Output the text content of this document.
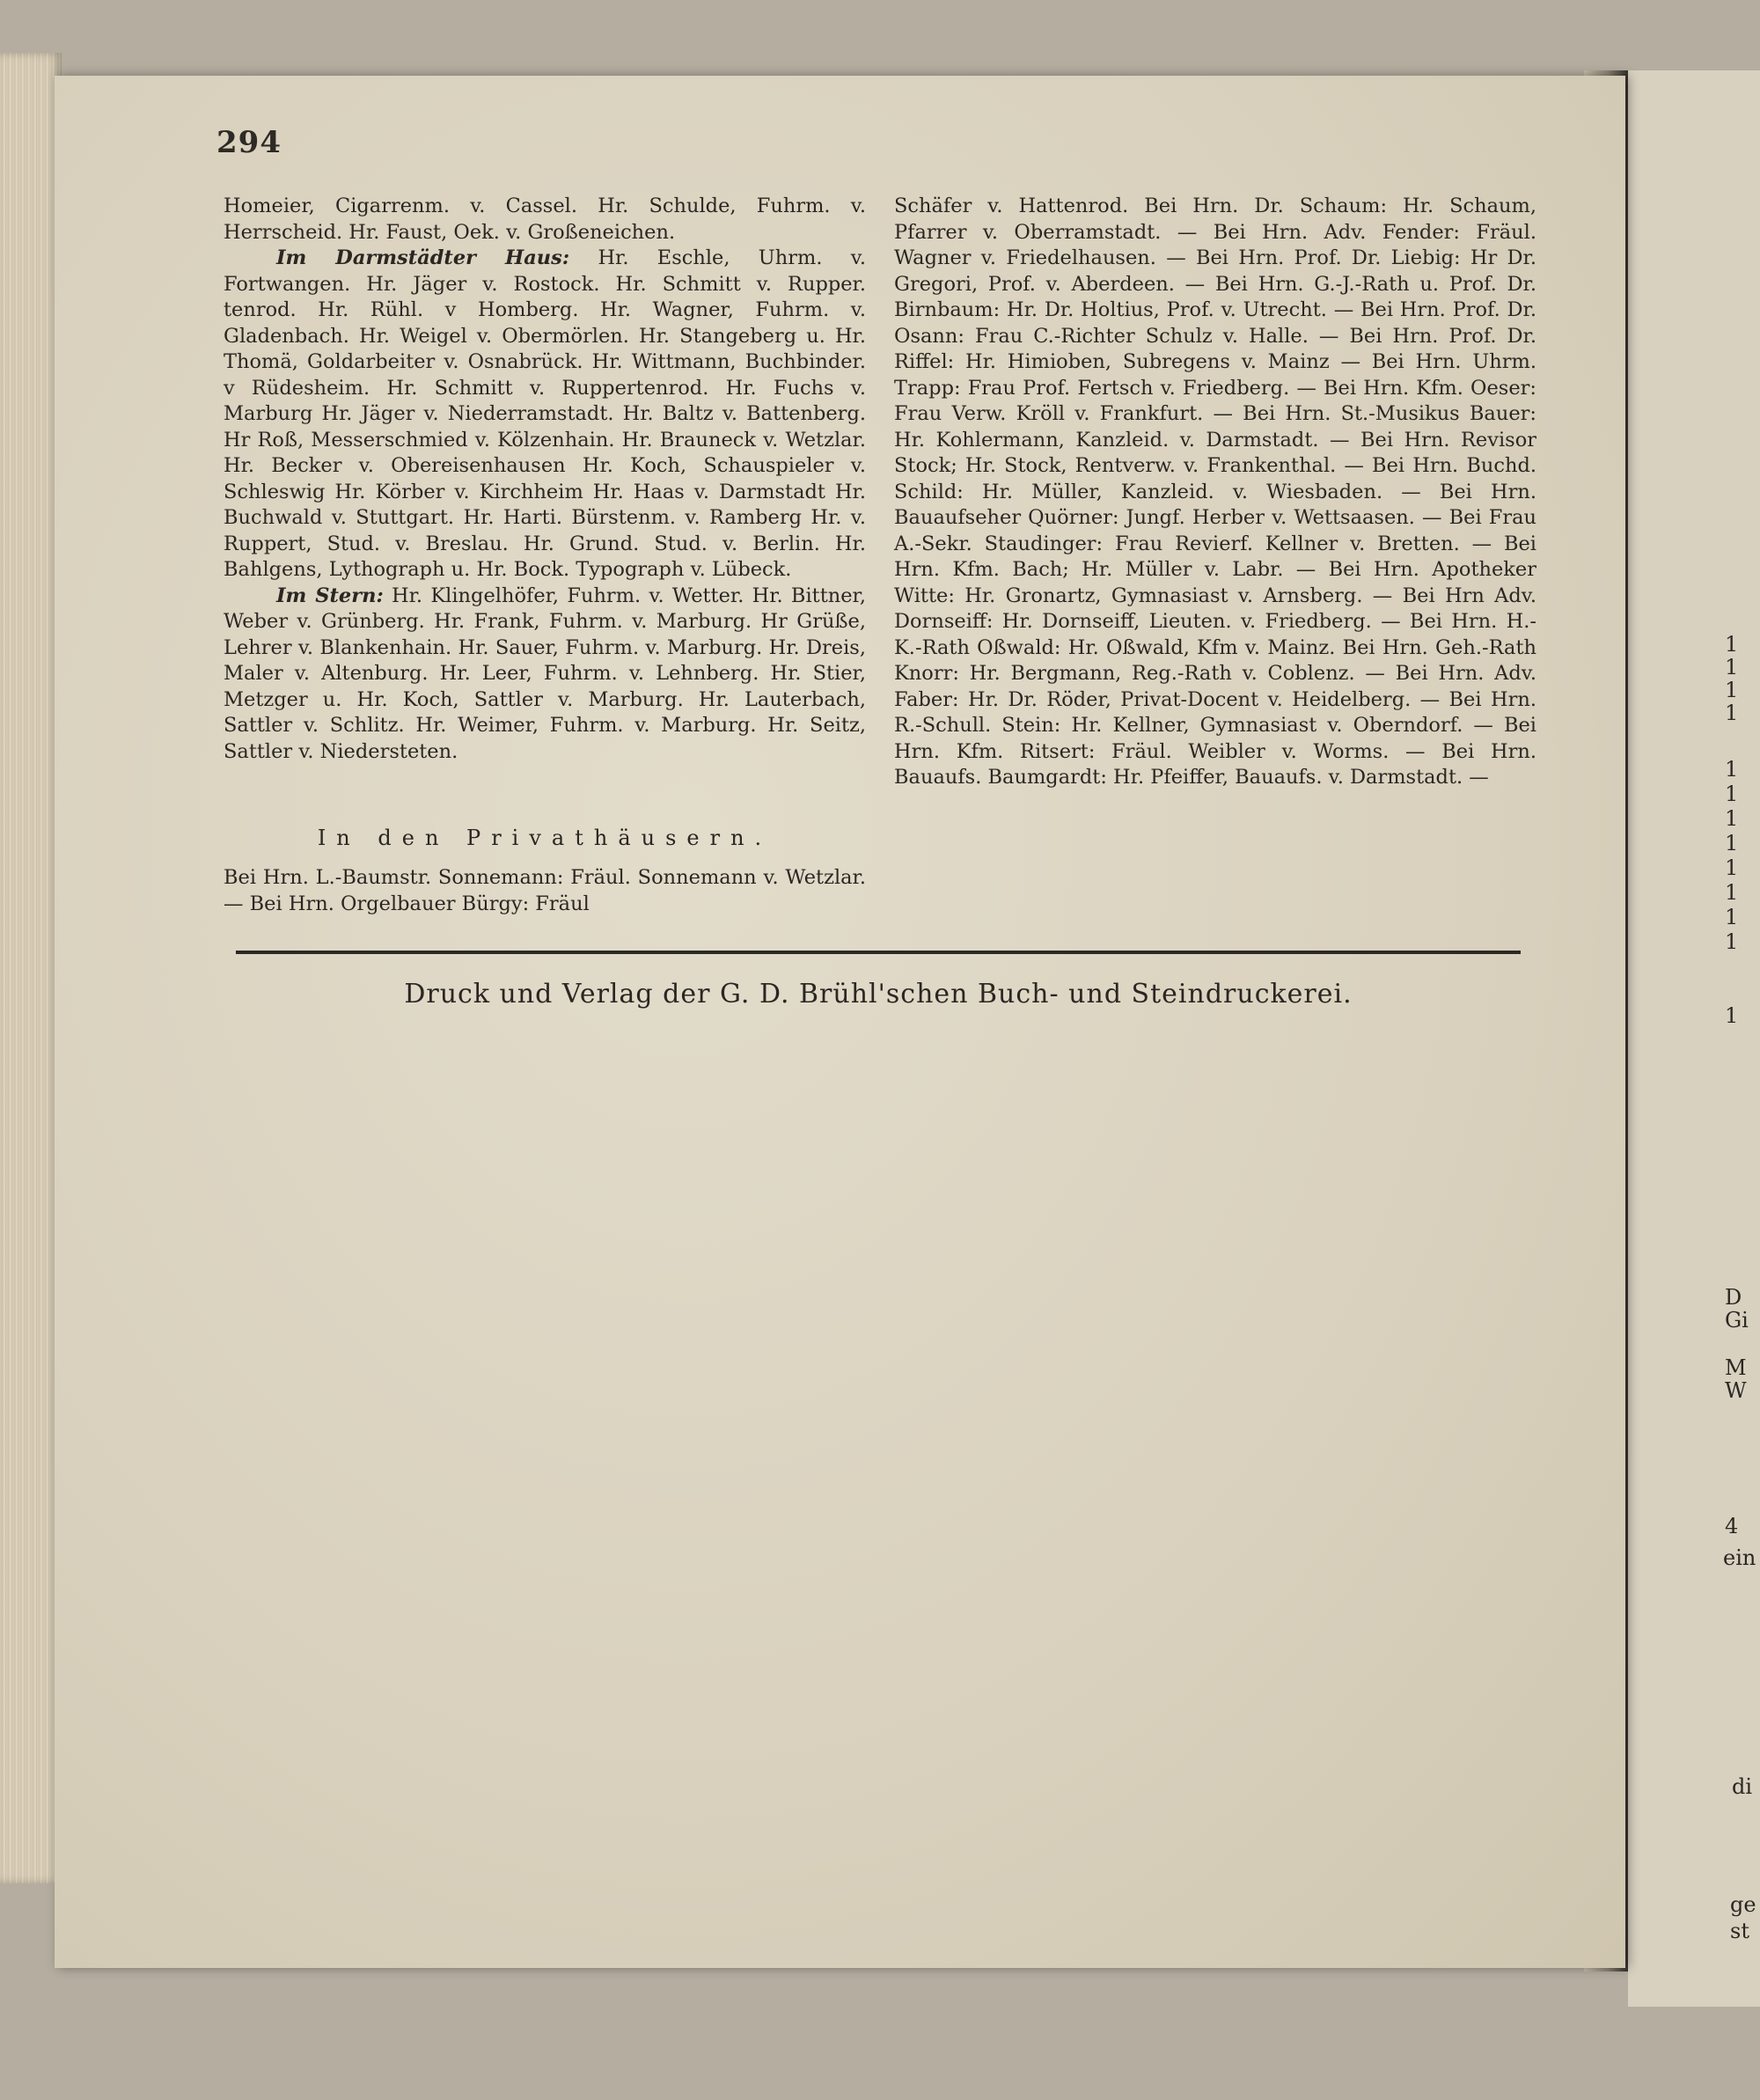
294

Homeier, Cigarrenm. v. Cassel. Hr. Schulde, Fuhrm. v. Herrscheid. Hr. Faust, Oek. v. Großeneichen.

Im Darmstädter Haus: Hr. Eschle, Uhrm. v. Fortwangen. Hr. Jäger v. Rostock. Hr. Schmitt v. Rupper. tenrod. Hr. Rühl. v Homberg. Hr. Wagner, Fuhrm. v. Gladenbach. Hr. Weigel v. Obermörlen. Hr. Stangeberg u. Hr. Thomä, Goldarbeiter v. Osnabrück. Hr. Wittmann, Buchbinder. v Rüdesheim. Hr. Schmitt v. Ruppertenrod. Hr. Fuchs v. Marburg Hr. Jäger v. Niederramstadt. Hr. Baltz v. Battenberg. Hr Roß, Messerschmied v. Kölzenhain. Hr. Brauneck v. Wetzlar. Hr. Becker v. Obereisenhausen Hr. Koch, Schauspieler v. Schleswig Hr. Körber v. Kirchheim Hr. Haas v. Darmstadt Hr. Buchwald v. Stuttgart. Hr. Harti. Bürstenm. v. Ramberg Hr. v. Ruppert, Stud. v. Breslau. Hr. Grund. Stud. v. Berlin. Hr. Bahlgens, Lythograph u. Hr. Bock. Typograph v. Lübeck.

Im Stern: Hr. Klingelhöfer, Fuhrm. v. Wetter. Hr. Bittner, Weber v. Grünberg. Hr. Frank, Fuhrm. v. Marburg. Hr Grüße, Lehrer v. Blankenhain. Hr. Sauer, Fuhrm. v. Marburg. Hr. Dreis, Maler v. Altenburg. Hr. Leer, Fuhrm. v. Lehnberg. Hr. Stier, Metzger u. Hr. Koch, Sattler v. Marburg. Hr. Lauterbach, Sattler v. Schlitz. Hr. Weimer, Fuhrm. v. Marburg. Hr. Seitz, Sattler v. Niedersteten.

In den Privathäusern.
Bei Hrn. L.-Baumstr. Sonnemann: Fräul. Sonnemann v. Wetzlar. — Bei Hrn. Orgelbauer Bürgy: Fräul

Schäfer v. Hattenrod. Bei Hrn. Dr. Schaum: Hr. Schaum, Pfarrer v. Oberramstadt. — Bei Hrn. Adv. Fender: Fräul. Wagner v. Friedelhausen. — Bei Hrn. Prof. Dr. Liebig: Hr Dr. Gregori, Prof. v. Aberdeen. — Bei Hrn. G.-J.-Rath u. Prof. Dr. Birnbaum: Hr. Dr. Holtius, Prof. v. Utrecht. — Bei Hrn. Prof. Dr. Osann: Frau C.-Richter Schulz v. Halle. — Bei Hrn. Prof. Dr. Riffel: Hr. Himioben, Subregens v. Mainz — Bei Hrn. Uhrm. Trapp: Frau Prof. Fertsch v. Friedberg. — Bei Hrn. Kfm. Oeser: Frau Verw. Kröll v. Frankfurt. — Bei Hrn. St.-Musikus Bauer: Hr. Kohlermann, Kanzleid. v. Darmstadt. — Bei Hrn. Revisor Stock; Hr. Stock, Rentverw. v. Frankenthal. — Bei Hrn. Buchd. Schild: Hr. Müller, Kanzleid. v. Wiesbaden. — Bei Hrn. Bauaufseher Quörner: Jungf. Herber v. Wettsaasen. — Bei Frau A.-Sekr. Staudinger: Frau Revierf. Kellner v. Bretten. — Bei Hrn. Kfm. Bach; Hr. Müller v. Labr. — Bei Hrn. Apotheker Witte: Hr. Gronartz, Gymnasiast v. Arnsberg. — Bei Hrn Adv. Dornseiff: Hr. Dornseiff, Lieuten. v. Friedberg. — Bei Hrn. H.-K.-Rath Oßwald: Hr. Oßwald, Kfm v. Mainz. Bei Hrn. Geh.-Rath Knorr: Hr. Bergmann, Reg.-Rath v. Coblenz. — Bei Hrn. Adv. Faber: Hr. Dr. Röder, Privat-Docent v. Heidelberg. — Bei Hrn. R.-Schull. Stein: Hr. Kellner, Gymnasiast v. Oberndorf. — Bei Hrn. Kfm. Ritsert: Fräul. Weibler v. Worms. — Bei Hrn. Bauaufs. Baumgardt: Hr. Pfeiffer, Bauaufs. v. Darmstadt. —

Druck und Verlag der G. D. Brühl'schen Buch- und Steindruckerei.
1
1
1
1
1
1
1
1
1
1
1
1
1
D
Gi
M
W
4
ein
di
ge
st
